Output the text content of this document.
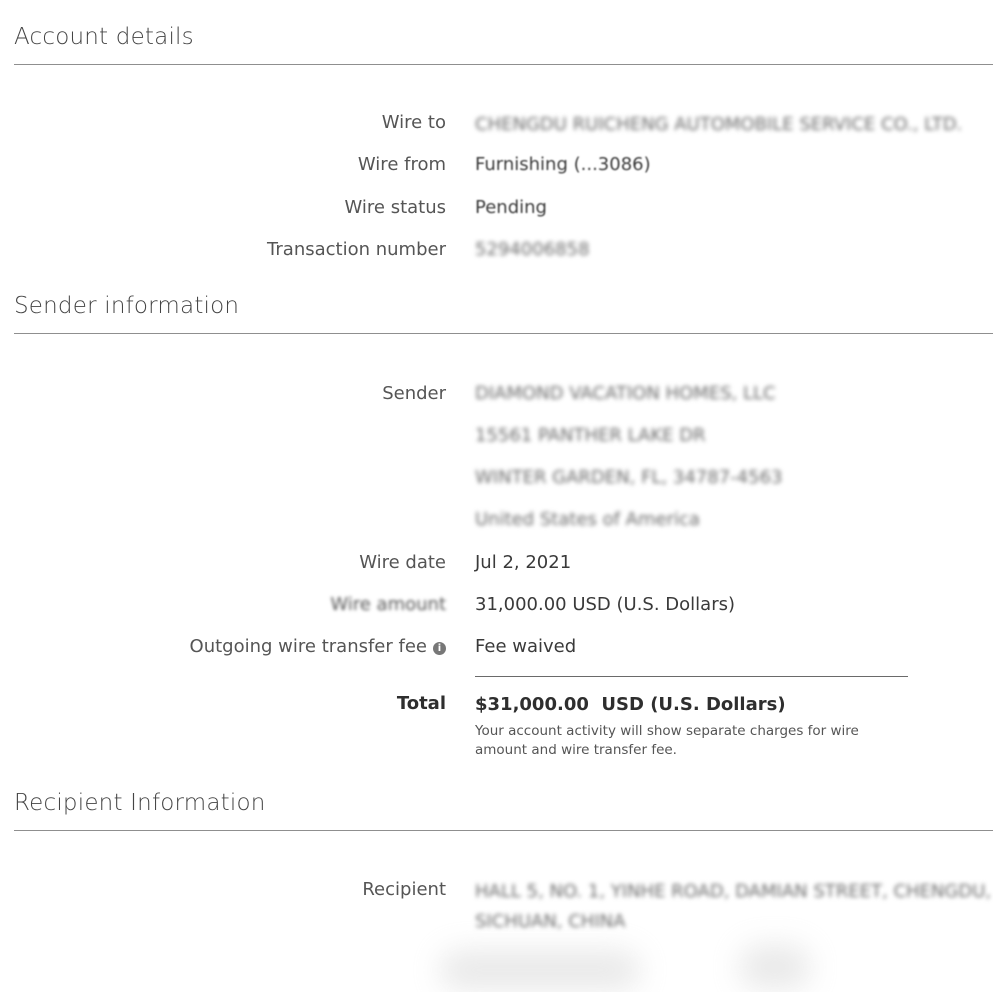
Account details
Wire to CHENGDU RUICHENG AUTOMOBILE SERVICE CO., LTD.
Wire from Furnishing (...3086)
Wire status Pending
Transaction number 5294006858
Sender information
Sender DIAMOND VACATION HOMES, LLC
15561 PANTHER LAKE DR
WINTER GARDEN, FL, 34787-4563
United States of America
Wire date Jul 2, 2021
Wire amount 31,000.00 USD (U.S. Dollars)
Outgoing wire transfer fee i Fee waived
Total $31,000.00  USD (U.S. Dollars)
Your account activity will show separate charges for wire amount and wire transfer fee.
Recipient Information
Recipient HALL 5, NO. 1, YINHE ROAD, DAMIAN STREET, CHENGDU,
SICHUAN, CHINA
